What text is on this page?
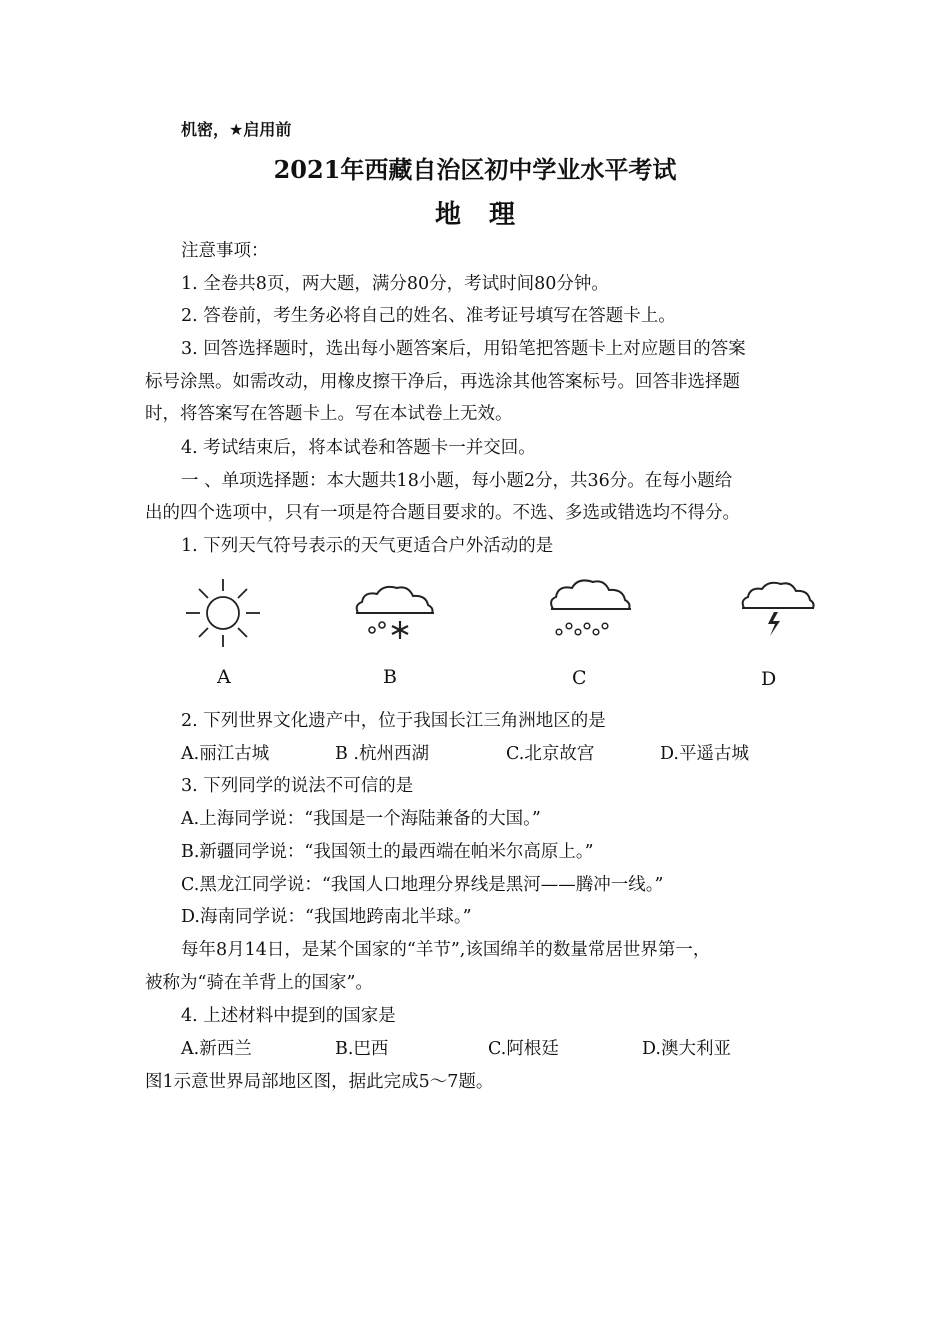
机密，★启用前
2021年西藏自治区初中学业水平考试
地 理
注意事项：
1. 全卷共8页，两大题，满分80分，考试时间80分钟。
2. 答卷前，考生务必将自己的姓名、准考证号填写在答题卡上。
3. 回答选择题时，选出每小题答案后，用铅笔把答题卡上对应题目的答案
标号涂黑。如需改动，用橡皮擦干净后，再选涂其他答案标号。回答非选择题
时，将答案写在答题卡上。写在本试卷上无效。
4. 考试结束后，将本试卷和答题卡一并交回。
一 、单项选择题：本大题共18小题，每小题2分，共36分。在每小题给
出的四个选项中，只有一项是符合题目要求的。不选、多选或错选均不得分。
1. 下列天气符号表示的天气更适合户外活动的是
A	B	C	D
2. 下列世界文化遗产中，位于我国长江三角洲地区的是
A.丽江古城	B .杭州西湖	C.北京故宫	D.平遥古城
3. 下列同学的说法不可信的是
A.上海同学说：“我国是一个海陆兼备的大国。”
B.新疆同学说：“我国领土的最西端在帕米尔高原上。”
C.黑龙江同学说：“我国人口地理分界线是黑河——腾冲一线。”
D.海南同学说：“我国地跨南北半球。”
每年8月14日，是某个国家的“羊节”,该国绵羊的数量常居世界第一，
被称为“骑在羊背上的国家”。
4. 上述材料中提到的国家是
A.新西兰	B.巴西	C.阿根廷	D.澳大利亚
图1示意世界局部地区图，据此完成5～7题。
